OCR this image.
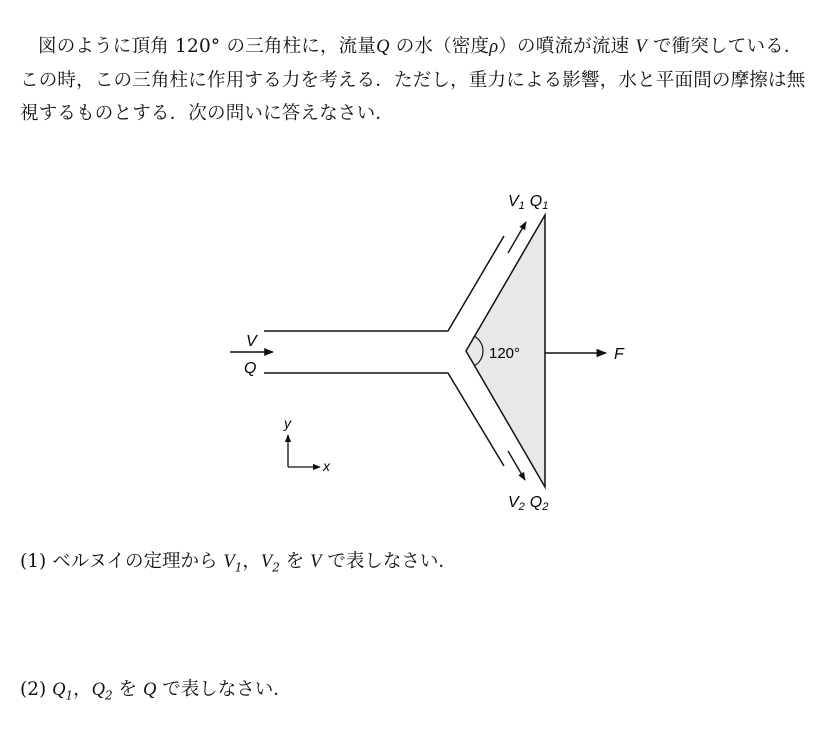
図のように頂角 120° の三角柱に，流量Q の水（密度ρ）の噴流が流速 V で衝突している．この時，この三角柱に作用する力を考える．ただし，重力による影響，水と平面間の摩擦は無視するものとする．次の問いに答えなさい．
V
Q
V1 Q1
V2 Q2
120°	F
x
y
(1) ベルヌイの定理から $V_1$，$V_2$ を V で表しなさい．
(2) $Q_1$，$Q_2$ を Q で表しなさい．
